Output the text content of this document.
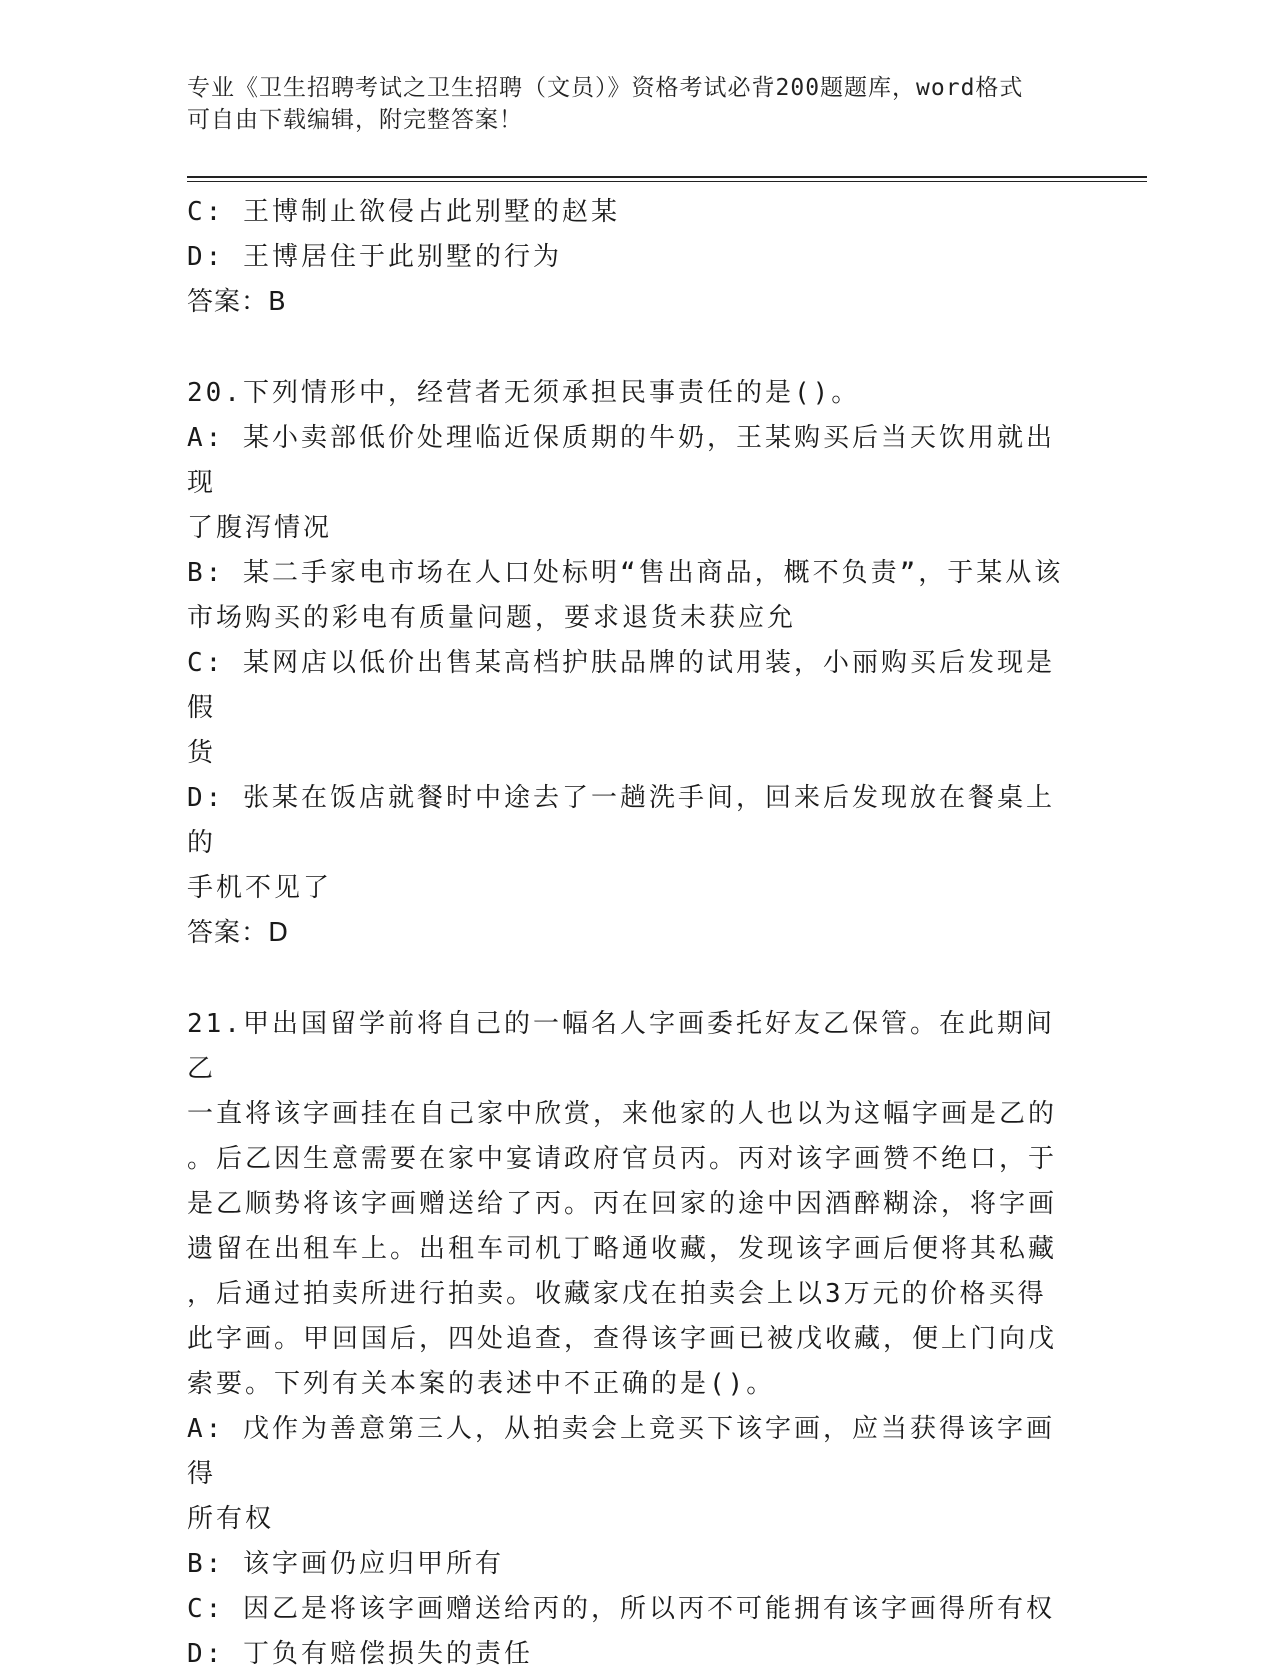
专业《卫生招聘考试之卫生招聘（文员）》资格考试必背200题题库，word格式
可自由下载编辑，附完整答案！
C: 王博制止欲侵占此别墅的赵某
D: 王博居住于此别墅的行为
答案：B
20.下列情形中，经营者无须承担民事责任的是()。
A: 某小卖部低价处理临近保质期的牛奶，王某购买后当天饮用就出现
了腹泻情况
B: 某二手家电市场在人口处标明“售出商品，概不负责”，于某从该
市场购买的彩电有质量问题，要求退货未获应允
C: 某网店以低价出售某高档护肤品牌的试用装，小丽购买后发现是假
货
D: 张某在饭店就餐时中途去了一趟洗手间，回来后发现放在餐桌上的
手机不见了
答案：D
21.甲出国留学前将自己的一幅名人字画委托好友乙保管。在此期间乙
一直将该字画挂在自己家中欣赏，来他家的人也以为这幅字画是乙的
。后乙因生意需要在家中宴请政府官员丙。丙对该字画赞不绝口，于
是乙顺势将该字画赠送给了丙。丙在回家的途中因酒醉糊涂，将字画
遗留在出租车上。出租车司机丁略通收藏，发现该字画后便将其私藏
，后通过拍卖所进行拍卖。收藏家戊在拍卖会上以3万元的价格买得
此字画。甲回国后，四处追查，查得该字画已被戊收藏，便上门向戊
索要。下列有关本案的表述中不正确的是()。
A: 戊作为善意第三人，从拍卖会上竞买下该字画，应当获得该字画得
所有权
B: 该字画仍应归甲所有
C: 因乙是将该字画赠送给丙的，所以丙不可能拥有该字画得所有权
D: 丁负有赔偿损失的责任
